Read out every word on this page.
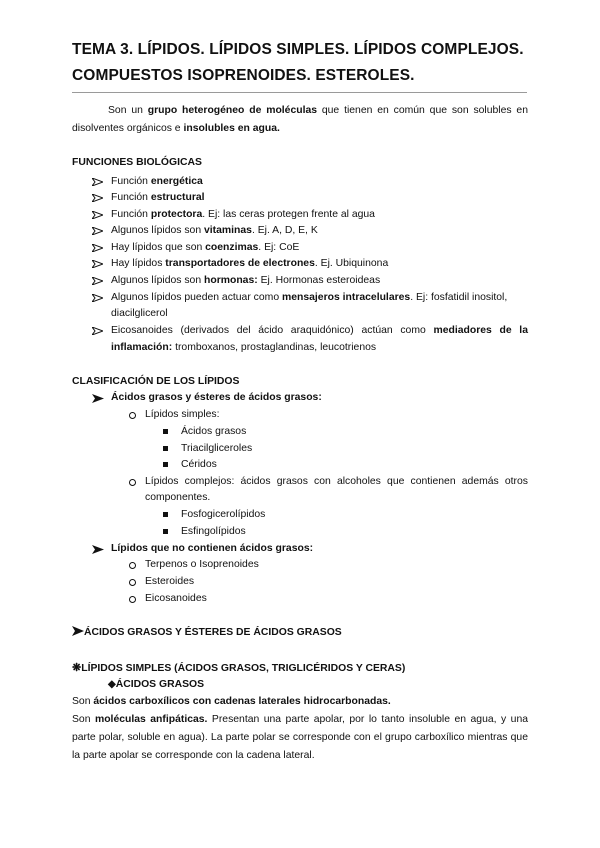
TEMA 3. LÍPIDOS. LÍPIDOS SIMPLES. LÍPIDOS COMPLEJOS. COMPUESTOS ISOPRENOIDES. ESTEROLES.

Son un grupo heterogéneo de moléculas que tienen en común que son solubles en disolventes orgánicos e insolubles en agua.

FUNCIONES BIOLÓGICAS
Función energética
Función estructural
Función protectora. Ej: las ceras protegen frente al agua
Algunos lípidos son vitaminas. Ej. A, D, E, K
Hay lípidos que son coenzimas. Ej: CoE
Hay lípidos transportadores de electrones. Ej. Ubiquinona
Algunos lípidos son hormonas: Ej. Hormonas esteroideas
Algunos lípidos pueden actuar como mensajeros intracelulares. Ej: fosfatidil inositol,
diacilglicerol
Eicosanoides (derivados del ácido araquidónico) actúan como mediadores de la
inflamación: tromboxanos, prostaglandinas, leucotrienos
CLASIFICACIÓN DE LOS LÍPIDOS
Ácidos grasos y ésteres de ácidos grasos:
Lípidos simples:
Ácidos grasos
Triacilgliceroles
Céridos
Lípidos complejos: ácidos grasos con alcoholes que contienen además otros
componentes.
Fosfogicerolípidos
Esfingolípidos
Lípidos que no contienen ácidos grasos:
Terpenos o Isoprenoides
Esteroides
Eicosanoides
ÁCIDOS GRASOS Y ÉSTERES DE ÁCIDOS GRASOS
❋LÍPIDOS SIMPLES (ÁCIDOS GRASOS, TRIGLICÉRIDOS Y CERAS)
◆ÁCIDOS GRASOS

Son ácidos carboxílicos con cadenas laterales hidrocarbonadas.

Son moléculas anfipáticas. Presentan una parte apolar, por lo tanto insoluble en agua, y una parte polar, soluble en agua). La parte polar se corresponde con el grupo carboxílico mientras que la parte apolar se corresponde con la cadena lateral.
